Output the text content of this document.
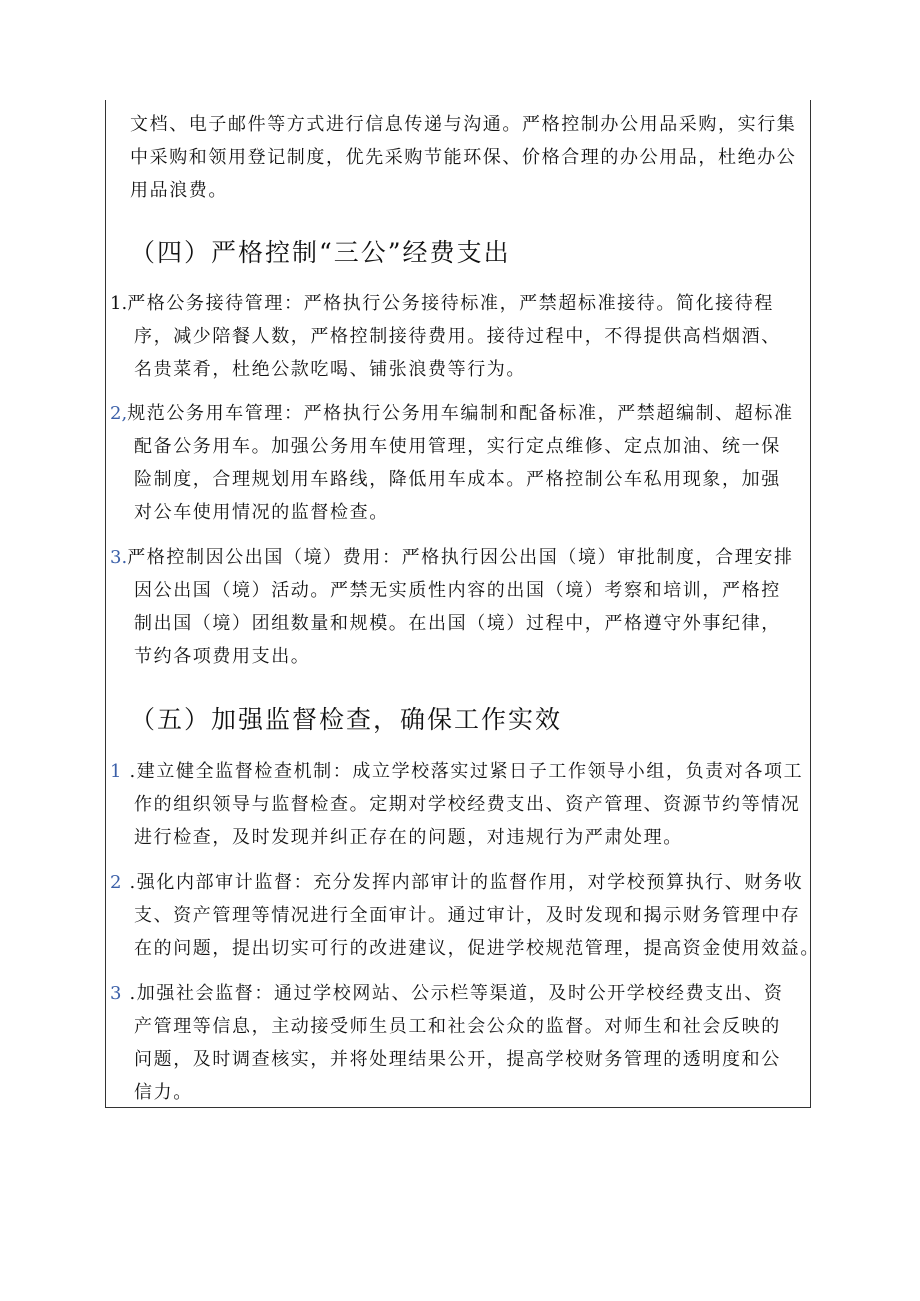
文档、电子邮件等方式进行信息传递与沟通。严格控制办公用品采购，实行集
中采购和领用登记制度，优先采购节能环保、价格合理的办公用品，杜绝办公
用品浪费。
（四）严格控制“三公”经费支出
1.严格公务接待管理：严格执行公务接待标准，严禁超标准接待。简化接待程
序，减少陪餐人数，严格控制接待费用。接待过程中，不得提供高档烟酒、
名贵菜肴，杜绝公款吃喝、铺张浪费等行为。
2,规范公务用车管理：严格执行公务用车编制和配备标准，严禁超编制、超标准
配备公务用车。加强公务用车使用管理，实行定点维修、定点加油、统一保
险制度，合理规划用车路线，降低用车成本。严格控制公车私用现象，加强
对公车使用情况的监督检查。
3.严格控制因公出国（境）费用：严格执行因公出国（境）审批制度，合理安排
因公出国（境）活动。严禁无实质性内容的出国（境）考察和培训，严格控
制出国（境）团组数量和规模。在出国（境）过程中，严格遵守外事纪律，
节约各项费用支出。
（五）加强监督检查，确保工作实效
1 .建立健全监督检查机制：成立学校落实过紧日子工作领导小组，负责对各项工
作的组织领导与监督检查。定期对学校经费支出、资产管理、资源节约等情况
进行检查，及时发现并纠正存在的问题，对违规行为严肃处理。
2 .强化内部审计监督：充分发挥内部审计的监督作用，对学校预算执行、财务收
支、资产管理等情况进行全面审计。通过审计，及时发现和揭示财务管理中存
在的问题，提出切实可行的改进建议，促进学校规范管理，提高资金使用效益。
3 .加强社会监督：通过学校网站、公示栏等渠道，及时公开学校经费支出、资
产管理等信息，主动接受师生员工和社会公众的监督。对师生和社会反映的
问题，及时调查核实，并将处理结果公开，提高学校财务管理的透明度和公
信力。
